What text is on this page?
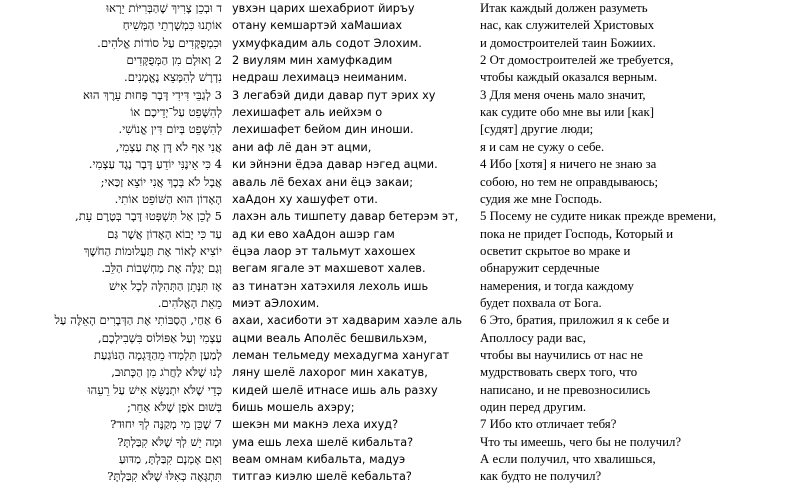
ד וּבְכֵן צָרִיךְ שֶׁהַבְּרִיּוֹת יֵרָאוּ
אוֹתָנוּ כִּמְשָׁרְתֵי הַמָּשִׁיחַ
וּכִמְפֻקָּדִים עַל סוֹדוֹת אֱלֹהִים.
2 וְאוּלָם מִן הַמְּפֻקָּדִים
נִדְרָשׁ לְהִמָּצֵא נֶאֱמָנִים.
3 לְגַבֵּי דִּידִי דָּבָר פָּחוּת עֵרֶךְ הוּא
לְהִשָּׁפֵט עַל־יְדֵיכֶם אוֹ
לְהִשָּׁפֵט בְּיוֹם דִּין אֱנוֹשִׁי.
אֲנִי אַף לֹא דָּן אֶת עַצְמִי,
4 כִּי אֵינֶנִּי יוֹדֵעַ דָּבָר נֶגֶד עַצְמִי.
אֲבָל לֹא בְּכָךְ אֲנִי יוֹצֵא זַכַּאי;
הָאָדוֹן הוּא הַשּׁוֹפֵט אוֹתִי.
5 לָכֵן אַל תִּשְׁפְּטוּ דָּבָר בְּטֶרֶם עֵת,
עַד כִּי יָבוֹא הָאָדוֹן אֲשֶׁר גַּם
יוֹצִיא לָאוֹר אֶת תַּעֲלוּמוֹת הַחֹשֶׁךְ
וְגַם יְגַלֶּה אֶת מַחְשְׁבוֹת הַלֵּב.
אָז תִּנָּתֵן הַתְּהִלָּה לְכָל אִישׁ
מֵאֵת הָאֱלֹהִים.
6 אַחַי, הֶסַבּוֹתִי אֶת הַדְּבָרִים הָאֵלֶּה עַל
עַצְמִי וְעַל אַפּוֹלוֹס בִּשְׁבִילְכֶם,
לְמַעַן תִּלְמְדוּ מֵהַדֻּגְמָה הַנּוֹגַעַת
לָנוּ שֶׁלֹּא לַחֲרֹג מִן הַכָּתוּב,
כְּדֵי שֶׁלֹּא יִתְנַשֵּׂא אִישׁ עַל רֵעֵהוּ
בְּשׁוּם אֹפֶן שֶׁלֹּא אַחֵר;
7 שֶׁכֵּן מִי מְקַנֶּה לְךָ יִחוּד?
וּמָה יֵשׁ לְךָ שֶׁלֹּא קִבַּלְתָּ?
וְאִם אָמְנָם קִבַּלְתָּ, מַדּוּעַ
תִּתְגָּאֶה כְּאִלּוּ שֶׁלֹּא קִבַּלְתָּ?
увхэн царих шехабриот йиръу
отану кемшартэй хаМашиах
ухмуфкадим аль содот Элохим.
2 виулям мин хамуфкадим
недраш лехимацэ неиманим.
3 легабэй диди давар пут эрих ху
лехишафет аль иейхэм о
лехишафет бейом дин иноши.
ани аф лё дан эт ацми,
ки эйнэни ёдэа давар нэгед ацми.
аваль лё бехах ани ёцэ закаи;
хаАдон ху хашуфет оти.
лахэн аль тишпету давар бетерэм эт,
ад ки ево хаАдон ашэр гам
ёцэа лаор эт тальмут хахошех
вегам ягале эт махшевот халев.
аз тинатэн хатэхиля лехоль ишь
миэт аЭлохим.
ахаи, хасиботи эт хадварим хаэле аль
ацми веаль Аполёс бешвильхэм,
леман тельмеду мехадугма ханугат
ляну шелё лахорог мин хакатув,
кидей шелё итнасе ишь аль разху
бишь мошель ахэру;
шекэн ми макнэ леха ихуд?
ума ешь леха шелё кибальта?
веам омнам кибальта, мадуэ
титгаэ киэлю шелё кебальта?
Итак каждый должен разуметь
нас, как служителей Христовых
и домостроителей таин Божиих.
2 От домостроителей же требуется,
чтобы каждый оказался верным.
3 Для меня очень мало значит,
как судите обо мне вы или [как]
[судят] другие люди;
я и сам не сужу о себе.
4 Ибо [хотя] я ничего не знаю за
собою, но тем не оправдываюсь;
судия же мне Господь.
5 Посему не судите никак прежде времени,
пока не придет Господь, Который и
осветит скрытое во мраке и
обнаружит сердечные
намерения, и тогда каждому
будет похвала от Бога.
6 Это, братия, приложил я к себе и
Аполлосу ради вас,
чтобы вы научились от нас не
мудрствовать сверх того, что
написано, и не превозносились
один перед другим.
7 Ибо кто отличает тебя?
Что ты имеешь, чего бы не получил?
А если получил, что хвалишься,
как будто не получил?
